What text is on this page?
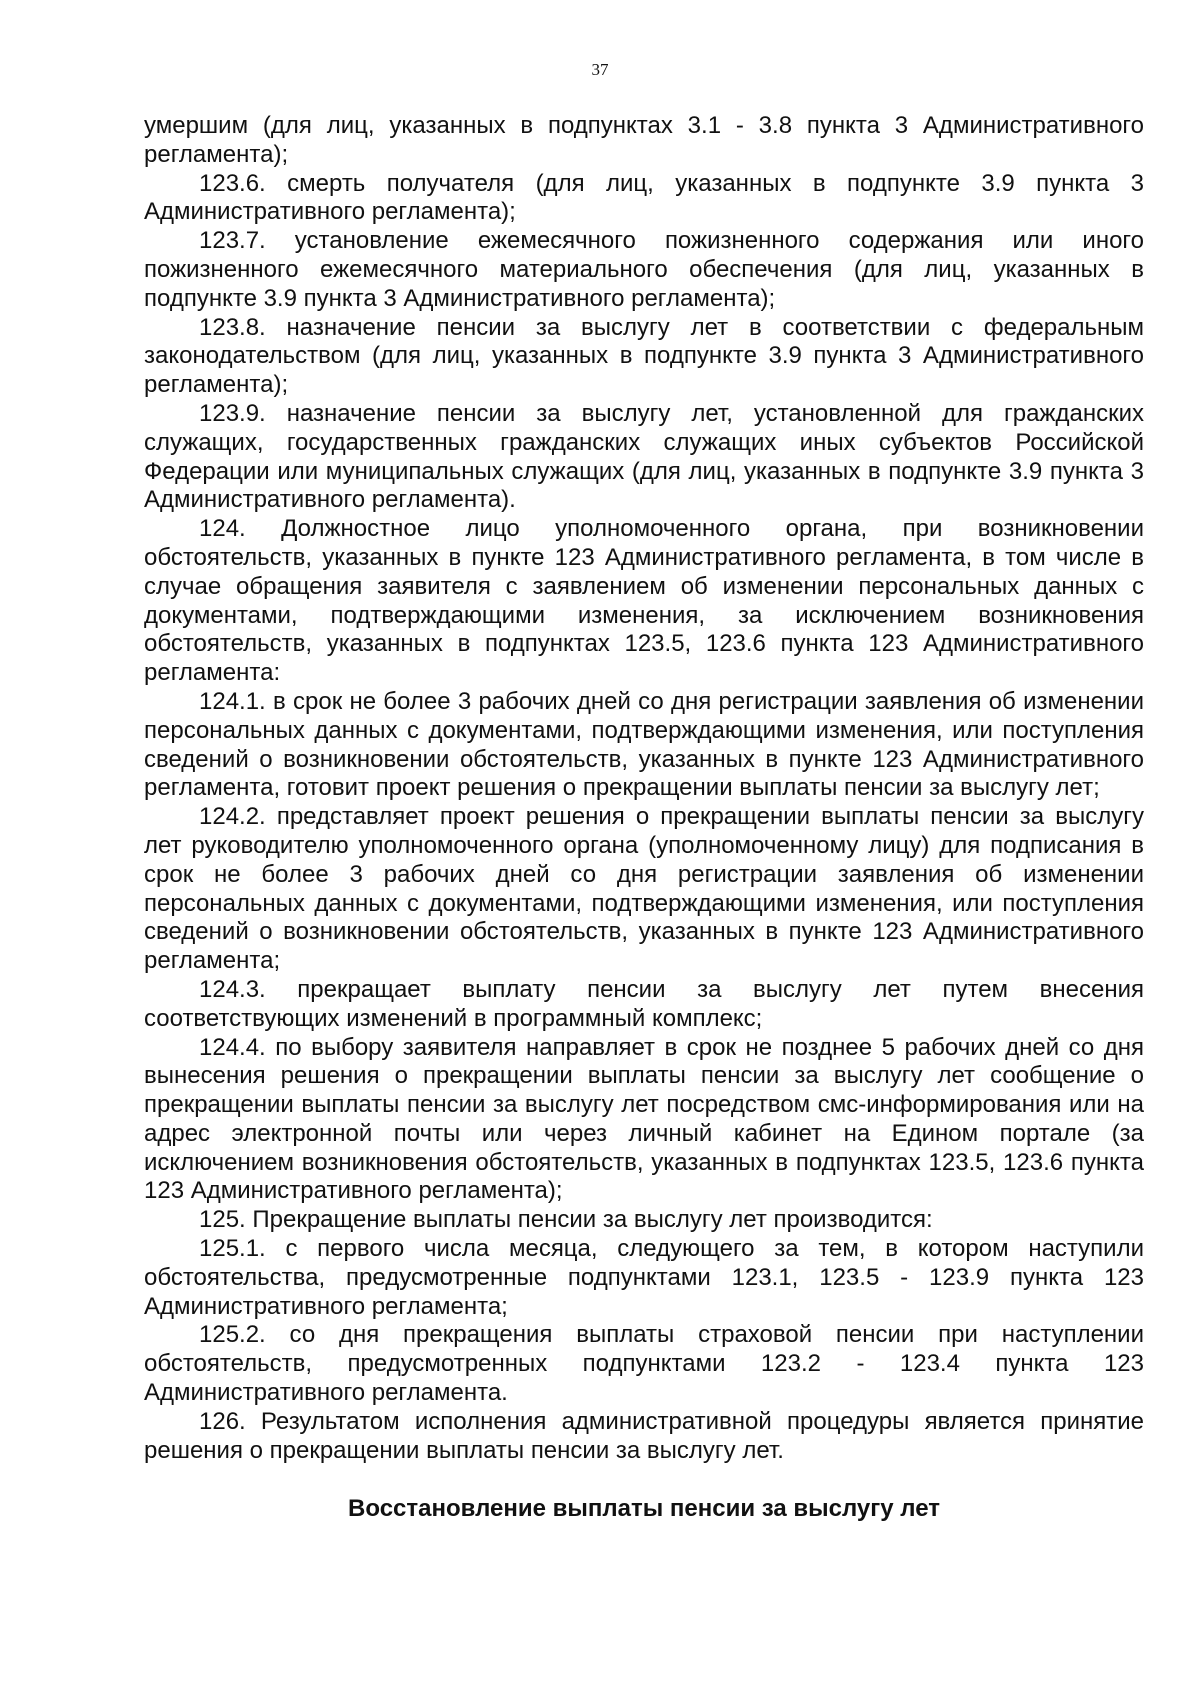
37

умершим (для лиц, указанных в подпунктах 3.1 - 3.8 пункта 3 Административного регламента);

123.6. смерть получателя (для лиц, указанных в подпункте 3.9 пункта 3 Административного регламента);

123.7. установление ежемесячного пожизненного содержания или иного пожизненного ежемесячного материального обеспечения (для лиц, указанных в подпункте 3.9 пункта 3 Административного регламента);

123.8. назначение пенсии за выслугу лет в соответствии с федеральным законодательством (для лиц, указанных в подпункте 3.9 пункта 3 Административного регламента);

123.9. назначение пенсии за выслугу лет, установленной для гражданских служащих, государственных гражданских служащих иных субъектов Российской Федерации или муниципальных служащих (для лиц, указанных в подпункте 3.9 пункта 3 Административного регламента).

124. Должностное лицо уполномоченного органа, при возникновении обстоятельств, указанных в пункте 123 Административного регламента, в том числе в случае обращения заявителя с заявлением об изменении персональных данных с документами, подтверждающими изменения, за исключением возникновения обстоятельств, указанных в подпунктах 123.5, 123.6 пункта 123 Административного регламента:

124.1. в срок не более 3 рабочих дней со дня регистрации заявления об изменении персональных данных с документами, подтверждающими изменения, или поступления сведений о возникновении обстоятельств, указанных в пункте 123 Административного регламента, готовит проект решения о прекращении выплаты пенсии за выслугу лет;

124.2. представляет проект решения о прекращении выплаты пенсии за выслугу лет руководителю уполномоченного органа (уполномоченному лицу) для подписания в срок не более 3 рабочих дней со дня регистрации заявления об изменении персональных данных с документами, подтверждающими изменения, или поступления сведений о возникновении обстоятельств, указанных в пункте 123 Административного регламента;

124.3. прекращает выплату пенсии за выслугу лет путем внесения соответствующих изменений в программный комплекс;

124.4. по выбору заявителя направляет в срок не позднее 5 рабочих дней со дня вынесения решения о прекращении выплаты пенсии за выслугу лет сообщение о прекращении выплаты пенсии за выслугу лет посредством смс-информирования или на адрес электронной почты или через личный кабинет на Едином портале (за исключением возникновения обстоятельств, указанных в подпунктах 123.5, 123.6 пункта 123 Административного регламента);

125. Прекращение выплаты пенсии за выслугу лет производится:

125.1. с первого числа месяца, следующего за тем, в котором наступили обстоятельства, предусмотренные подпунктами 123.1, 123.5 - 123.9 пункта 123 Административного регламента;

125.2. со дня прекращения выплаты страховой пенсии при наступлении обстоятельств, предусмотренных подпунктами 123.2 - 123.4 пункта 123 Административного регламента.

126. Результатом исполнения административной процедуры является принятие решения о прекращении выплаты пенсии за выслугу лет.

Восстановление выплаты пенсии за выслугу лет
